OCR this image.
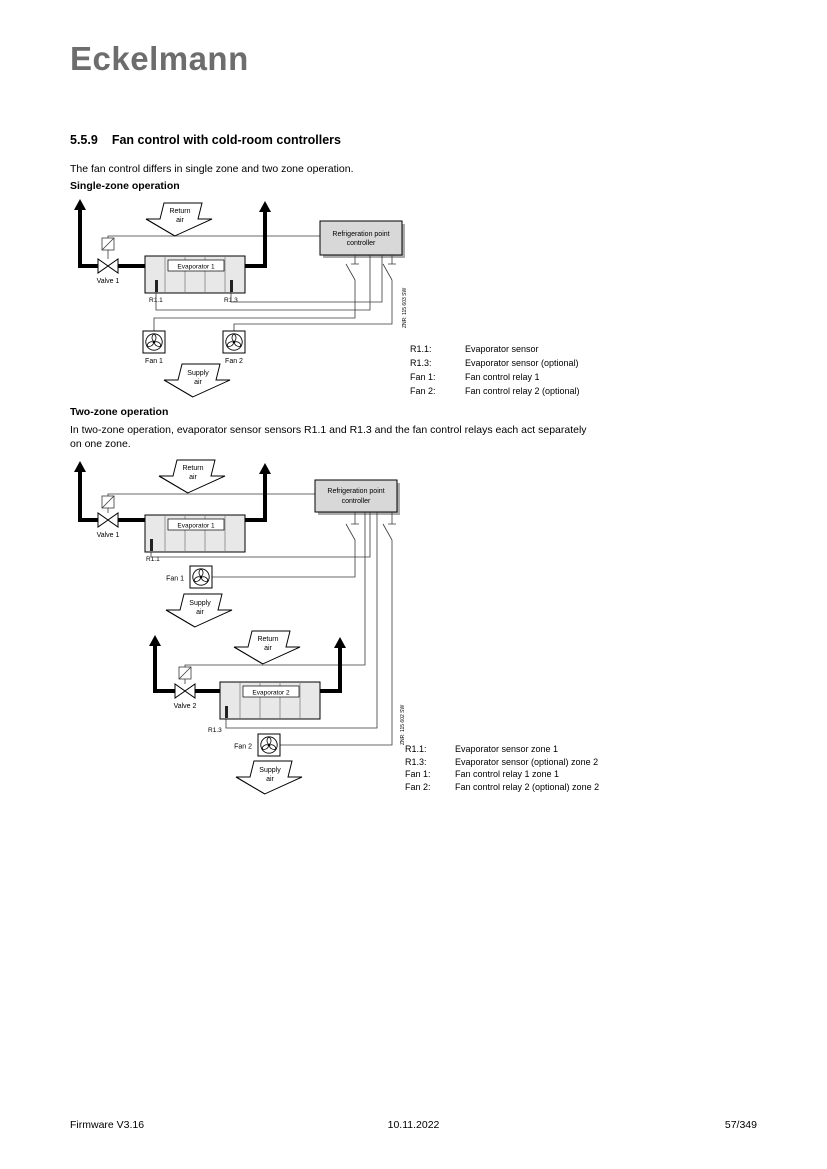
Eckelmann
5.5.9 Fan control with cold-room controllers
The fan control differs in single zone and two zone operation.
Single-zone operation
Valve 1
Return
air
Evaporator 1
R1.1	R1.3
Refrigeration point
controller
Fan 1	Fan 2
Supply
air
ZNR: 115 603 SW
R1.1:	Evaporator sensor
R1.3:	Evaporator sensor (optional)
Fan 1:	Fan control relay 1
Fan 2:	Fan control relay 2 (optional)
Two-zone operation
In two-zone operation, evaporator sensor sensors R1.1 and R1.3 and the fan control relays each act separately
on one zone.
Valve 1
Return
air
Evaporator 1
R1.1
Refrigeration point
controller
Fan 1
Supply
air
Valve 2
Return
air
Evaporator 2
R1.3
Fan 2
Supply
air
ZNR: 115 602 SW
R1.1:	Evaporator sensor zone 1
R1.3:	Evaporator sensor (optional) zone 2
Fan 1:	Fan control relay 1 zone 1
Fan 2:	Fan control relay 2 (optional) zone 2
Firmware V3.16	10.11.2022	57/349
